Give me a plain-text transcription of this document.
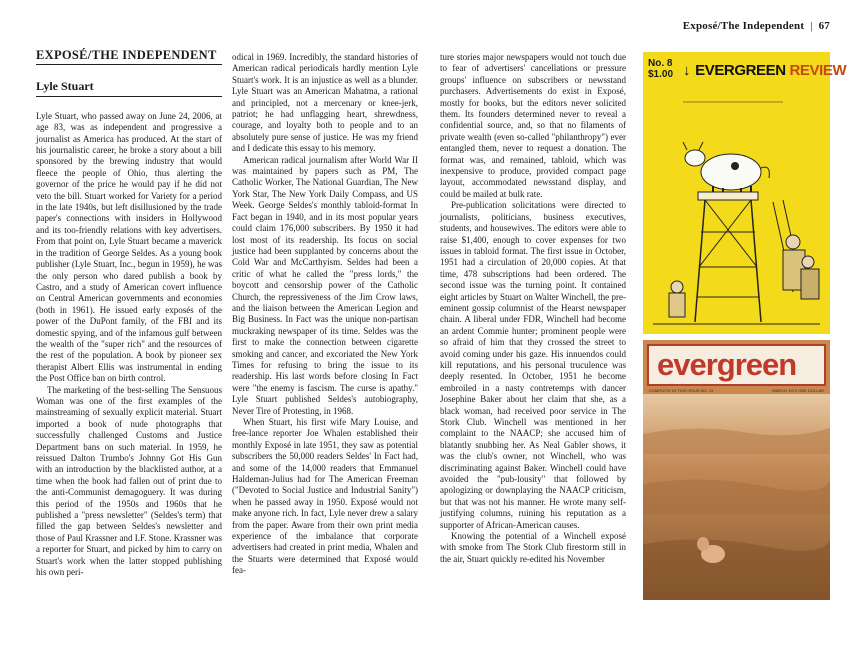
Exposé/The Independent | 67
EXPOSÉ/THE INDEPENDENT
Lyle Stuart

Lyle Stuart, who passed away on June 24, 2006, at age 83, was as independent and progressive a journalist as America has produced. At the start of his journalistic career, he broke a story about a bill sponsored by the brewing industry that would fleece the people of Ohio, thus alerting the governor of the price he would pay if he did not veto the bill. Stuart worked for Variety for a period in the late 1940s, but left disillusioned by the trade paper's connections with insiders in Hollywood and its too-friendly relations with key advertisers. From that point on, Lyle Stuart became a maverick in the tradition of George Seldes. As a young book publisher (Lyle Stuart, Inc., begun in 1959), he was the only person who dared publish a book by Castro, and a study of American covert influence on Central American governments and economies (both in 1961). He issued early exposés of the power of the DuPont family, of the FBI and its domestic spying, and of the infamous gulf between the wealth of the "super rich" and the resources of the rest of the population. A book by pioneer sex therapist Albert Ellis was instrumental in ending the Post Office ban on birth control.

The marketing of the best-selling The Sensuous Woman was one of the first examples of the mainstreaming of sexually explicit material. Stuart imported a book of nude photographs that successfully challenged Customs and Justice Department bans on such material. In 1959, he reissued Dalton Trumbo's Johnny Got His Gun with an introduction by the blacklisted author, at a time when the book had fallen out of print due to the anti-Communist demagoguery. It was during this period of the 1950s and 1960s that he published a "press newsletter" (Seldes's term) that filled the gap between Seldes's newsletter and those of Paul Krassner and I.F. Stone. Krassner was a reporter for Stuart, and picked by him to carry on Stuart's work when the latter stopped publishing his own peri-

odical in 1969. Incredibly, the standard histories of American radical periodicals hardly mention Lyle Stuart's work. It is an injustice as well as a blunder. Lyle Stuart was an American Mahatma, a rational and principled, not a mercenary or knee-jerk, patriot; he had unflagging heart, shrewdness, courage, and loyalty both to people and to an absolutely pure sense of justice. He was my friend and I dedicate this essay to his memory.

American radical journalism after World War II was maintained by papers such as PM, The Catholic Worker, The National Guardian, The New York Star, The New York Daily Compass, and US Week. George Seldes's monthly tabloid-format In Fact began in 1940, and in its most popular years could claim 176,000 subscribers. By 1950 it had lost most of its readership. Its focus on social justice had been supplanted by concerns about the Cold War and McCarthyism. Seldes had been a critic of what he called the "press lords," the boycott and censorship power of the Catholic Church, the repressiveness of the Jim Crow laws, and the liaison between the American Legion and Big Business. In Fact was the unique non-partisan muckraking newspaper of its time. Seldes was the first to make the connection between cigarette smoking and cancer, and excoriated the New York Times for refusing to bring the issue to its readership. His last words before closing In Fact were "the enemy is fascism. The curse is apathy." Lyle Stuart published Seldes's autobiography, Never Tire of Protesting, in 1968.

When Stuart, his first wife Mary Louise, and free-lance reporter Joe Whalen established their monthly Exposé in late 1951, they saw as potential subscribers the 50,000 readers Seldes' In Fact had, and some of the 14,000 readers that Emmanuel Haldeman-Julius had for The American Freeman ("Devoted to Social Justice and Industrial Sanity") when he passed away in 1950. Exposé would not make anyone rich. In fact, Lyle never drew a salary from the paper. Aware from their own print media experience of the imbalance that corporate advertisers had created in print media, Whalen and the Stuarts were determined that Exposé would fea-

ture stories major newspapers would not touch due to fear of advertisers' cancellations or pressure groups' influence on subscribers or newsstand purchasers. Advertisements do exist in Exposé, mostly for books, but the editors never solicited them. Its founders determined never to reveal a confidential source, and, so that no filaments of private wealth (even so-called "philanthropy") ever entangled them, never to request a donation. The format was, and remained, tabloid, which was inexpensive to produce, provided compact page layout, accommodated newsstand display, and could be mailed at bulk rate.

Pre-publication solicitations were directed to journalists, politicians, business executives, students, and housewives. The editors were able to raise $1,400, enough to cover expenses for two issues in tabloid format. The first issue in October, 1951 had a circulation of 20,000 copies. At that time, 478 subscriptions had been ordered. The second issue was the turning point. It contained eight articles by Stuart on Walter Winchell, the pre-eminent gossip columnist of the Hearst newspaper chain. A liberal under FDR, Winchell had become an ardent Commie hunter; prominent people were so afraid of him that they crossed the street to avoid coming under his gaze. His innuendos could kill reputations, and his personal truculence was deeply resented. In October, 1951 he become embroiled in a nasty contretemps with dancer Josephine Baker about her claim that she, as a black woman, had received poor service in The Stork Club. Winchell was mentioned in her complaint to the NAACP; she accused him of blatantly snubbing her. As Neal Gabler shows, it was the club's owner, not Winchell, who was discriminating against Baker. Winchell could have avoided the "pub-lousity" that followed by apologizing or downplaying the NAACP criticism, but that was not his manner. He wrote many self-justifying columns, ruining his reputation as a supporter of African-American causes.

Knowing the potential of a Winchell exposé with smoke from The Stork Club firestorm still in the air, Stuart quickly re-edited his November

No. 8
$1.00 ↓ EVERGREEN REVIEW
evergreen
COMPLETE IN THIS ISSUE NO. 19	MARCH 1971 ONE DOLLAR
